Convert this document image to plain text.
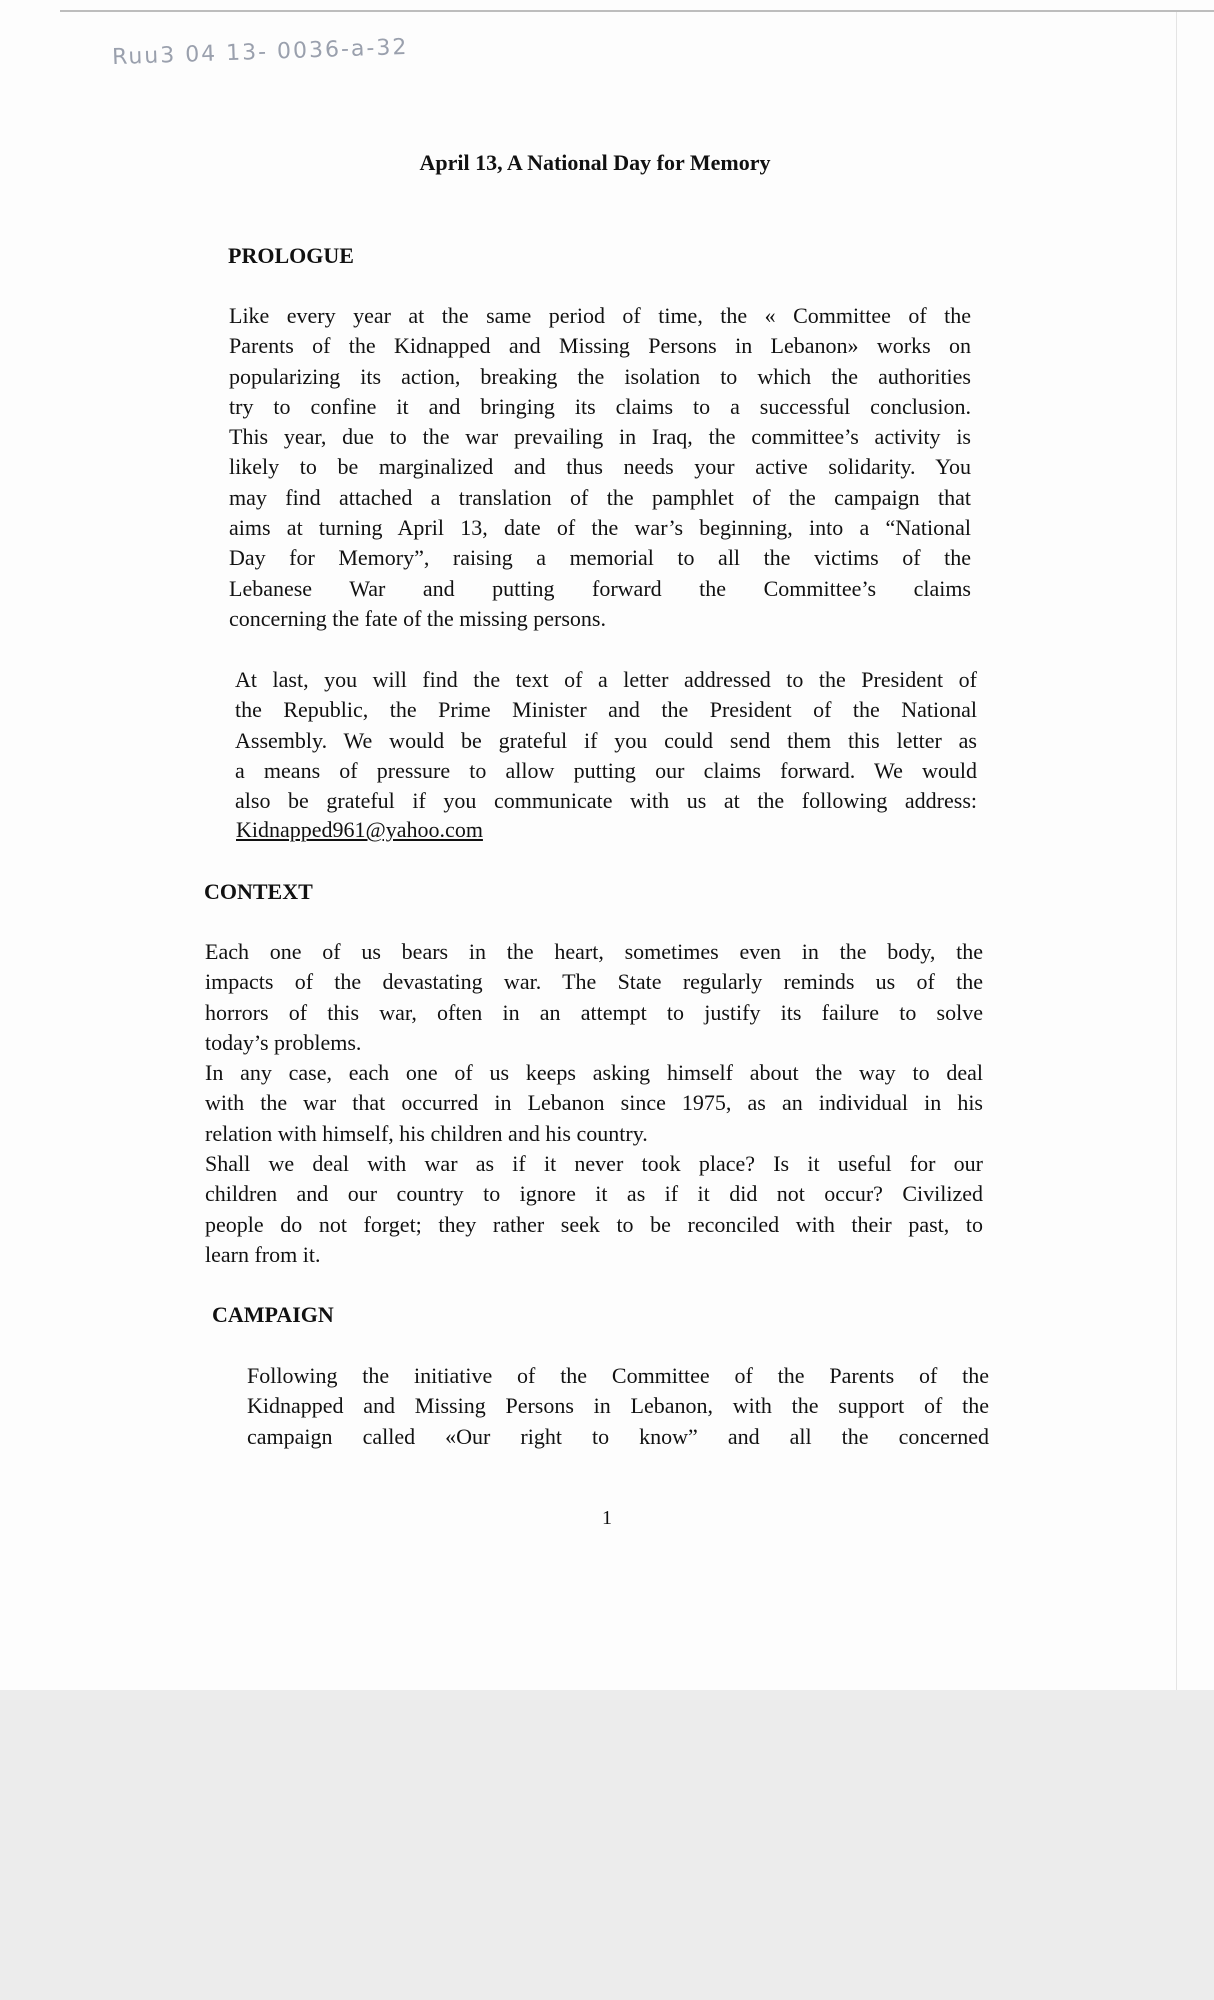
Ruu3 04 13- 0036-a-32
April 13, A National Day for Memory
PROLOGUE
Like every year at the same period of time, the « Committee of the
Parents of the Kidnapped and Missing Persons in Lebanon» works on
popularizing its action, breaking the isolation to which the authorities
try to confine it and bringing its claims to a successful conclusion.
This year, due to the war prevailing in Iraq, the committee’s activity is
likely to be marginalized and thus needs your active solidarity. You
may find attached a translation of the pamphlet of the campaign that
aims at turning April 13, date of the war’s beginning, into a “National
Day for Memory”, raising a memorial to all the victims of the
Lebanese War and putting forward the Committee’s claims
concerning the fate of the missing persons.
At last, you will find the text of a letter addressed to the President of
the Republic, the Prime Minister and the President of the National
Assembly. We would be grateful if you could send them this letter as
a means of pressure to allow putting our claims forward. We would
also be grateful if you communicate with us at the following address:
Kidnapped961@yahoo.com
CONTEXT
Each one of us bears in the heart, sometimes even in the body, the
impacts of the devastating war. The State regularly reminds us of the
horrors of this war, often in an attempt to justify its failure to solve
today’s problems.
In any case, each one of us keeps asking himself about the way to deal
with the war that occurred in Lebanon since 1975, as an individual in his
relation with himself, his children and his country.
Shall we deal with war as if it never took place? Is it useful for our
children and our country to ignore it as if it did not occur? Civilized
people do not forget; they rather seek to be reconciled with their past, to
learn from it.
CAMPAIGN
Following the initiative of the Committee of the Parents of the
Kidnapped and Missing Persons in Lebanon, with the support of the
campaign called «Our right to know” and all the concerned
1
